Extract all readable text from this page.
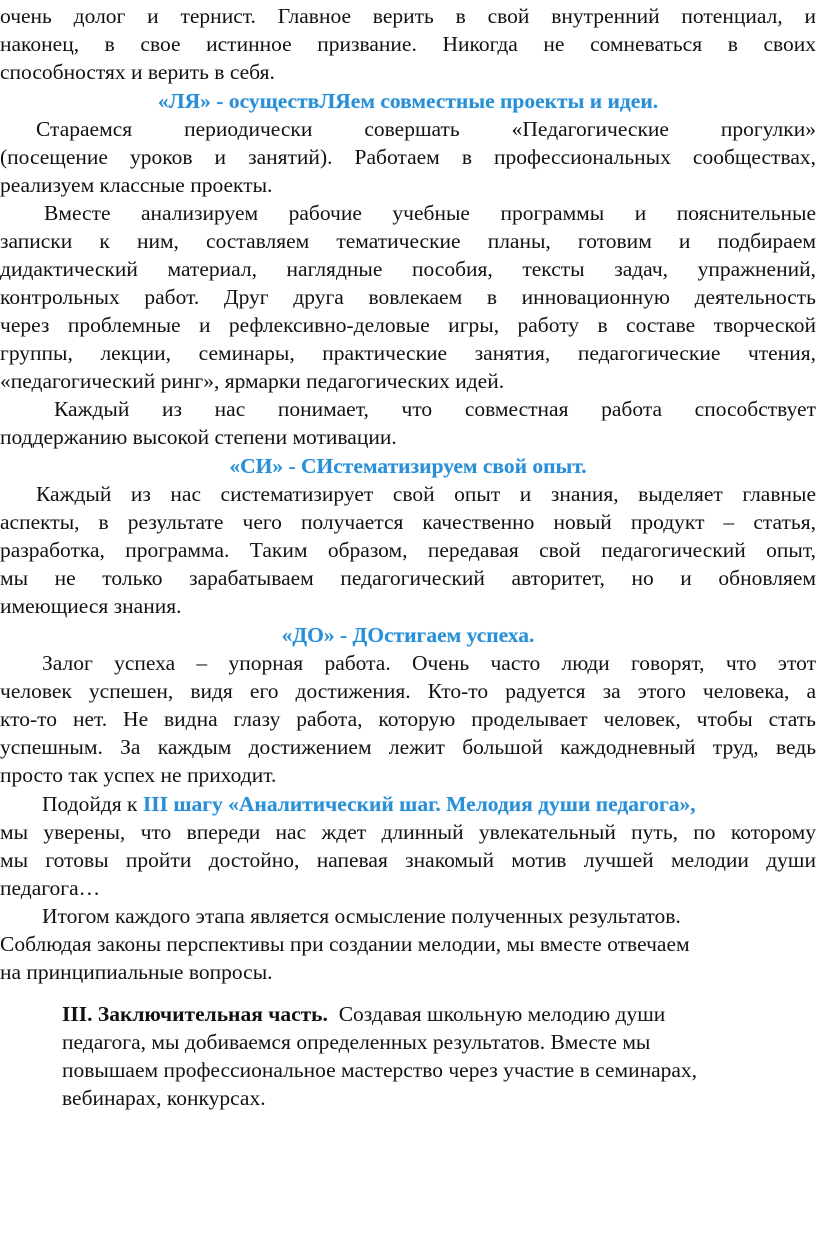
очень долог и тернист. Главное верить в свой внутренний потенциал, и
наконец, в свое истинное призвание. Никогда не сомневаться в своих
способностях и верить в себя.
«ЛЯ» - осуществЛЯем совместные проекты и идеи.
Стараемся периодически совершать «Педагогические прогулки»
(посещение уроков и занятий). Работаем в профессиональных сообществах,
реализуем классные проекты.
Вместе анализируем рабочие учебные программы и пояснительные
записки к ним, составляем тематические планы, готовим и подбираем
дидактический материал, наглядные пособия, тексты задач, упражнений,
контрольных работ. Друг друга вовлекаем в инновационную деятельность
через проблемные и рефлексивно-деловые игры, работу в составе творческой
группы, лекции, семинары, практические занятия, педагогические чтения,
«педагогический ринг», ярмарки педагогических идей.
Каждый из нас понимает, что совместная работа способствует
поддержанию высокой степени мотивации.
«СИ» - СИстематизируем свой опыт.
Каждый из нас систематизирует свой опыт и знания, выделяет главные
аспекты, в результате чего получается качественно новый продукт – статья,
разработка, программа. Таким образом, передавая свой педагогический опыт,
мы не только зарабатываем педагогический авторитет, но и обновляем
имеющиеся знания.
«ДО» - ДОстигаем успеха.
Залог успеха – упорная работа. Очень часто люди говорят, что этот
человек успешен, видя его достижения. Кто-то радуется за этого человека, а
кто-то нет. Не видна глазу работа, которую проделывает человек, чтобы стать
успешным. За каждым достижением лежит большой каждодневный труд, ведь
просто так успех не приходит.
Подойдя к III шагу «Аналитический шаг. Мелодия души педагога»,
мы уверены, что впереди нас ждет длинный увлекательный путь, по которому
мы готовы пройти достойно, напевая знакомый мотив лучшей мелодии души
педагога…
Итогом каждого этапа является осмысление полученных результатов.
Соблюдая законы перспективы при создании мелодии, мы вместе отвечаем
на принципиальные вопросы.
III. Заключительная часть. Создавая школьную мелодию души
педагога, мы добиваемся определенных результатов. Вместе мы
повышаем профессиональное мастерство через участие в семинарах,
вебинарах, конкурсах.
